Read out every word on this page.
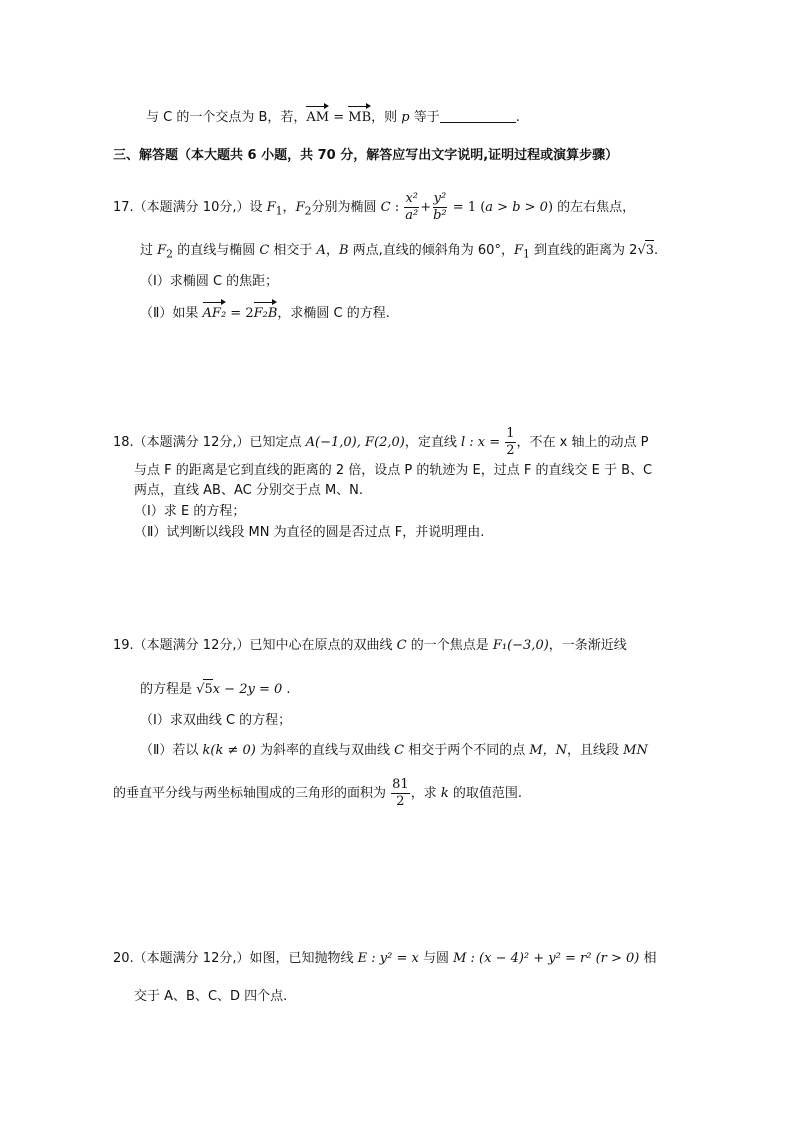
与 C 的一个交点为 B，若，AM = MB，则 p 等于	.
三、解答题（本大题共 6 小题，共 70 分，解答应写出文字说明,证明过程或演算步骤）
17.（本题满分 10分,）设 $F_1$，$F_2$分别为椭圆 C : $\frac{\text{x²}}{\text{a²}} + \frac{\text{y²}}{\text{b²}} = 1$ (a > b > 0) 的左右焦点，
过 $F_2$ 的直线与椭圆 C 相交于 A，B 两点,直线的倾斜角为 60°，$F_1$ 到直线的距离为 2√3.
（Ⅰ）求椭圆 C 的焦距；
（Ⅱ）如果 AF₂ = 2F₂B，求椭圆 C 的方程.
18.（本题满分 12分,）已知定点 A(−1,0), F(2,0)，定直线 l : $x = \frac{1}{2}$ ，不在 x 轴上的动点 P
与点 F 的距离是它到直线的距离的 2 倍，设点 P 的轨迹为 E，过点 F 的直线交 E 于 B、C
两点，直线 AB、AC 分别交于点 M、N.
（Ⅰ）求 E 的方程；
（Ⅱ）试判断以线段 MN 为直径的圆是否过点 F，并说明理由.
19.（本题满分 12分,）已知中心在原点的双曲线 C 的一个焦点是 F₁(−3,0)，一条渐近线
的方程是 √5x − 2y = 0 .
（Ⅰ）求双曲线 C 的方程；
（Ⅱ）若以 k(k ≠ 0) 为斜率的直线与双曲线 C 相交于两个不同的点 M，N，且线段 MN
的垂直平分线与两坐标轴围成的三角形的面积为 $\frac{81}{2}$ ，求 k 的取值范围.
20.（本题满分 12分,）如图，已知抛物线 E : y² = x 与圆 M : (x − 4)² + y² = r² (r > 0) 相
交于 A、B、C、D 四个点.
